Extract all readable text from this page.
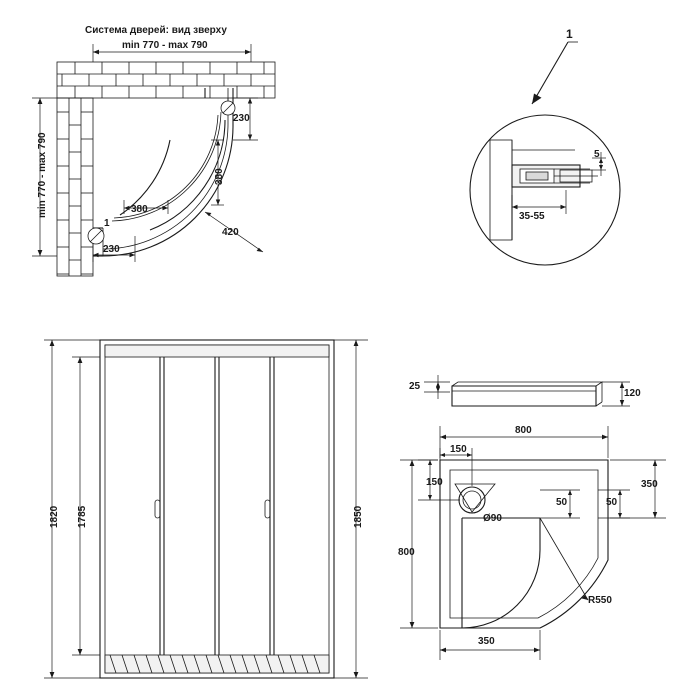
Система дверей: вид зверху
min 770 - max 790
min 770 - max 790
230
380
380
230
420
1
1
5
35-55
1820 1785	1850
25
120
800
150
150
50	50
350
800
350
Ø90
R550
